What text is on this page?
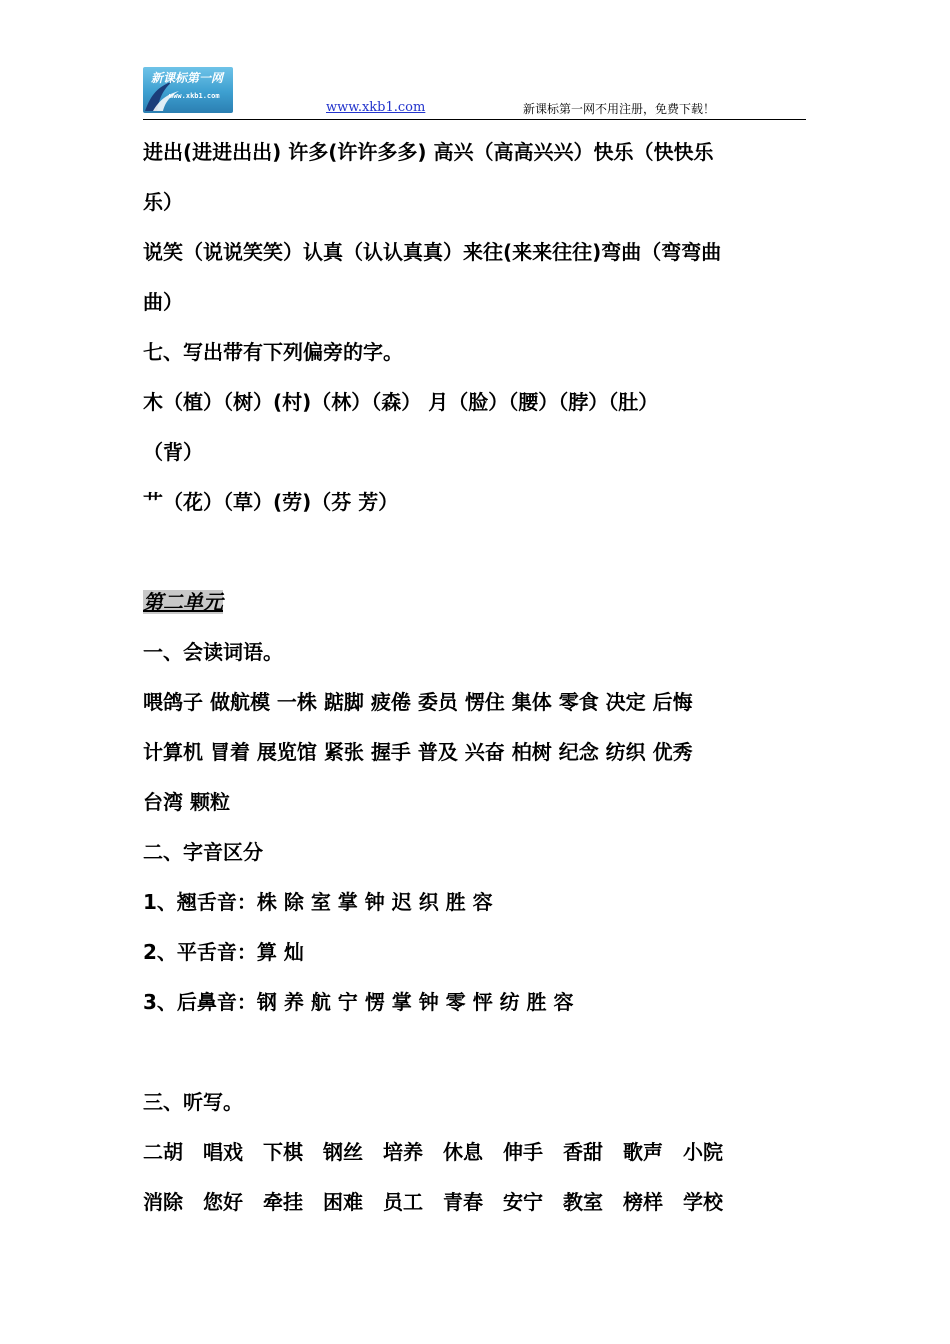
新课标第一网
www.xkb1.com
www.xkb1.com	新课标第一网不用注册，免费下载！
进出(进进出出) 许多(许许多多) 高兴（高高兴兴）快乐（快快乐
乐）
说笑（说说笑笑）认真（认认真真）来往(来来往往)弯曲（弯弯曲
曲）
七、写出带有下列偏旁的字。
木（植）（树）(村)（林）（森） 月（脸）（腰）（脖）（肚）
（背）
艹（花）（草）(劳)（芬 芳）
第二单元
一、会读词语。
喂鸽子 做航模 一株 踮脚 疲倦 委员 愣住 集体 零食 决定 后悔
计算机 冒着 展览馆 紧张 握手 普及 兴奋 柏树 纪念 纺织 优秀
台湾 颗粒
二、字音区分
1、翘舌音：株 除 室 掌 钟 迟 织 胜 容
2、平舌音：算 灿
3、后鼻音：钢 养 航 宁 愣 掌 钟 零 怦 纺 胜 容
三、听写。
二胡　唱戏　下棋　钢丝　培养　休息　伸手　香甜　歌声　小院
消除　您好　牵挂　困难　员工　青春　安宁　教室　榜样　学校
